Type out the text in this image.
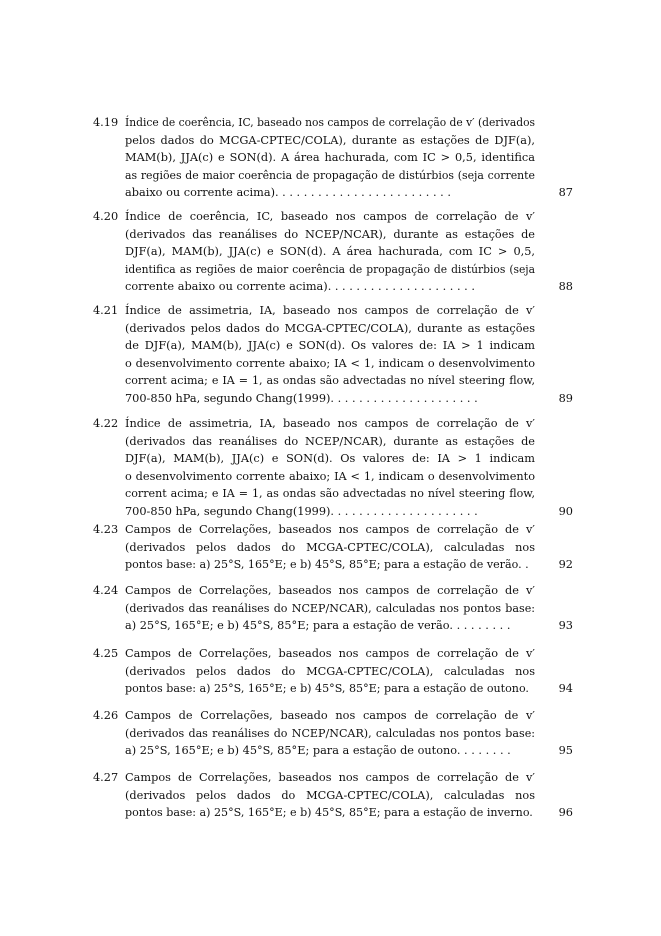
4.19 Índice de coerência, IC, baseado nos campos de correlação de v′ (derivados
pelos dados do MCGA-CPTEC/COLA), durante as estações de DJF(a),
MAM(b), JJA(c) e SON(d). A área hachurada, com IC > 0,5, identifica
as regiões de maior coerência de propagação de distúrbios (seja corrente
abaixo ou corrente acima). . . . . . . . . . . . . . . . . . . . . . . . .	87
4.20 Índice de coerência, IC, baseado nos campos de correlação de v′
(derivados das reanálises do NCEP/NCAR), durante as estações de
DJF(a), MAM(b), JJA(c) e SON(d). A área hachurada, com IC > 0,5,
identifica as regiões de maior coerência de propagação de distúrbios (seja
corrente abaixo ou corrente acima). . . . . . . . . . . . . . . . . . . . .	88
4.21 Índice de assimetria, IA, baseado nos campos de correlação de v′
(derivados pelos dados do MCGA-CPTEC/COLA), durante as estações
de DJF(a), MAM(b), JJA(c) e SON(d). Os valores de: IA > 1 indicam
o desenvolvimento corrente abaixo; IA < 1, indicam o desenvolvimento
corrent acima; e IA = 1, as ondas são advectadas no nível steering flow,
700-850 hPa, segundo Chang(1999). . . . . . . . . . . . . . . . . . . . .	89
4.22 Índice de assimetria, IA, baseado nos campos de correlação de v′
(derivados das reanálises do NCEP/NCAR), durante as estações de
DJF(a), MAM(b), JJA(c) e SON(d). Os valores de: IA > 1 indicam
o desenvolvimento corrente abaixo; IA < 1, indicam o desenvolvimento
corrent acima; e IA = 1, as ondas são advectadas no nível steering flow,
700-850 hPa, segundo Chang(1999). . . . . . . . . . . . . . . . . . . . .	90
4.23 Campos de Correlações, baseados nos campos de correlação de v′
(derivados pelos dados do MCGA-CPTEC/COLA), calculadas nos
pontos base: a) 25°S, 165°E; e b) 45°S, 85°E; para a estação de verão. .	92
4.24 Campos de Correlações, baseados nos campos de correlação de v′
(derivados das reanálises do NCEP/NCAR), calculadas nos pontos base:
a) 25°S, 165°E; e b) 45°S, 85°E; para a estação de verão. . . . . . . . .	93
4.25 Campos de Correlações, baseados nos campos de correlação de v′
(derivados pelos dados do MCGA-CPTEC/COLA), calculadas nos
pontos base: a) 25°S, 165°E; e b) 45°S, 85°E; para a estação de outono.	94
4.26 Campos de Correlações, baseado nos campos de correlação de v′
(derivados das reanálises do NCEP/NCAR), calculadas nos pontos base:
a) 25°S, 165°E; e b) 45°S, 85°E; para a estação de outono. . . . . . . .	95
4.27 Campos de Correlações, baseados nos campos de correlação de v′
(derivados pelos dados do MCGA-CPTEC/COLA), calculadas nos
pontos base: a) 25°S, 165°E; e b) 45°S, 85°E; para a estação de inverno.	96
